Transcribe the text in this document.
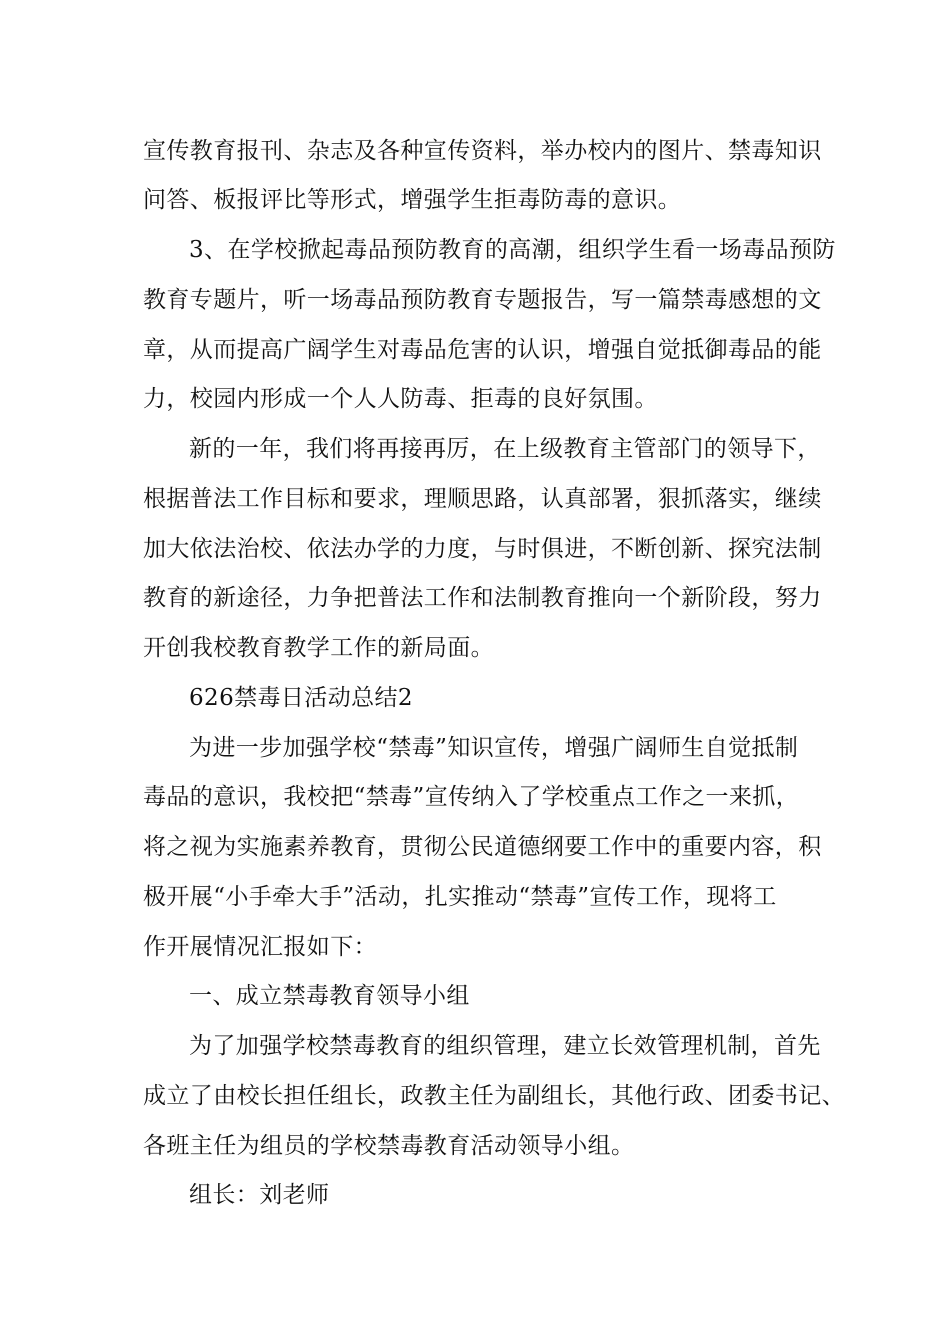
宣传教育报刊、杂志及各种宣传资料，举办校内的图片、禁毒知识
问答、板报评比等形式，增强学生拒毒防毒的意识。
3、在学校掀起毒品预防教育的高潮，组织学生看一场毒品预防
教育专题片，听一场毒品预防教育专题报告，写一篇禁毒感想的文
章，从而提高广阔学生对毒品危害的认识，增强自觉抵御毒品的能
力，校园内形成一个人人防毒、拒毒的良好氛围。
新的一年，我们将再接再厉，在上级教育主管部门的领导下，
根据普法工作目标和要求，理顺思路，认真部署，狠抓落实，继续
加大依法治校、依法办学的力度，与时俱进，不断创新、探究法制
教育的新途径，力争把普法工作和法制教育推向一个新阶段，努力
开创我校教育教学工作的新局面。
626禁毒日活动总结2
为进一步加强学校“禁毒”知识宣传，增强广阔师生自觉抵制
毒品的意识，我校把“禁毒”宣传纳入了学校重点工作之一来抓，
将之视为实施素养教育，贯彻公民道德纲要工作中的重要内容，积
极开展“小手牵大手”活动，扎实推动“禁毒”宣传工作，现将工
作开展情况汇报如下：
一、成立禁毒教育领导小组
为了加强学校禁毒教育的组织管理，建立长效管理机制，首先
成立了由校长担任组长，政教主任为副组长，其他行政、团委书记、
各班主任为组员的学校禁毒教育活动领导小组。
组长：刘老师
